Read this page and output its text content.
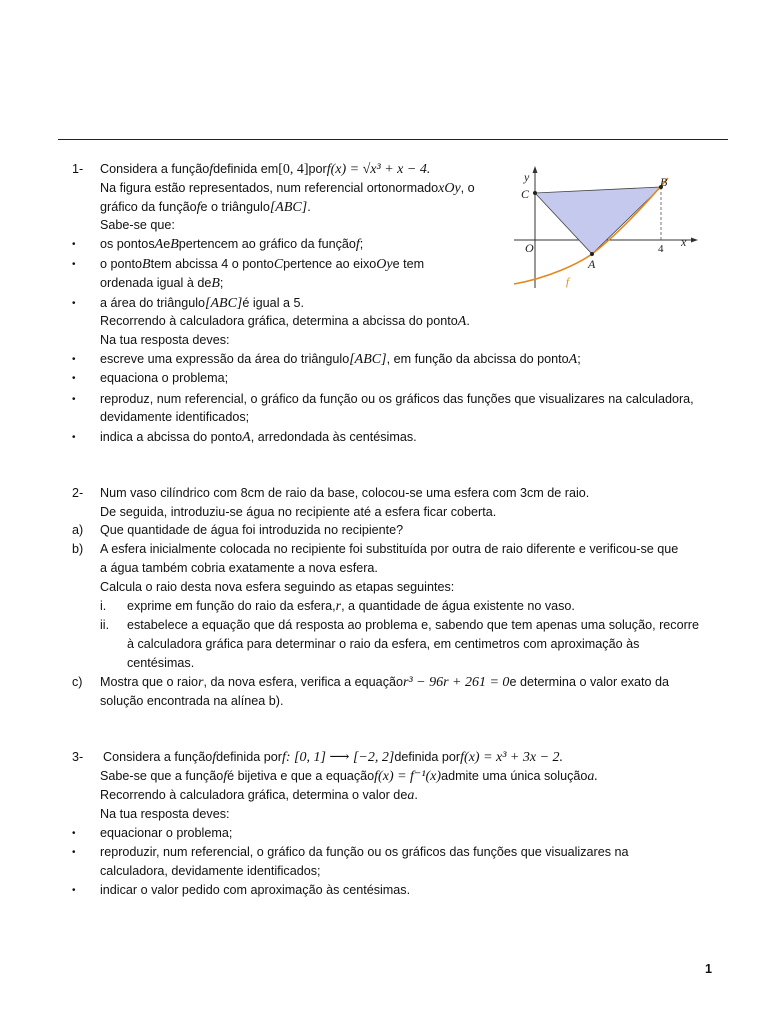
1- Considera a função f definida em [0, 4] por f(x) = √x³ + x − 4.
Na figura estão representados, num referencial ortonormado xOy , o
gráfico da função f e o triângulo [ABC] .
Sabe-se que:
• os pontos A e B pertencem ao gráfico da função f ;
• o ponto B tem abcissa 4 o ponto C pertence ao eixo Oy e tem
ordenada igual à de B ;
• a área do triângulo [ABC] é igual a 5.
Recorrendo à calculadora gráfica, determina a abcissa do ponto A .
Na tua resposta deves:
• escreve uma expressão da área do triângulo [ABC] , em função da abcissa do ponto A ;
• equaciona o problema;
• reproduz, num referencial, o gráfico da função ou os gráficos das funções que visualizares na calculadora,
devidamente identificados;
• indica a abcissa do ponto A , arredondada às centésimas.
2- Num vaso cilíndrico com 8cm de raio da base, colocou-se uma esfera com 3cm de raio.
De seguida, introduziu-se água no recipiente até a esfera ficar coberta.
a) Que quantidade de água foi introduzida no recipiente?
b) A esfera inicialmente colocada no recipiente foi substituída por outra de raio diferente e verificou-se que
a água também cobria exatamente a nova esfera.
Calcula o raio desta nova esfera seguindo as etapas seguintes:
i. exprime em função do raio da esfera, r , a quantidade de água existente no vaso.
ii. estabelece a equação que dá resposta ao problema e, sabendo que tem apenas uma solução, recorre
à calculadora gráfica para determinar o raio da esfera, em centimetros com aproximação às
centésimas.
c) Mostra que o raio r , da nova esfera, verifica a equação r³ − 96r + 261 = 0 e determina o valor exato da
solução encontrada na alínea b).
3- Considera a função f definida por f: [0, 1] ⟶ [−2, 2] definida por f(x) = x³ + 3x − 2.
Sabe-se que a função f é bijetiva e que a equação f(x) = f⁻¹(x) admite uma única solução a.
Recorrendo à calculadora gráfica, determina o valor de a .
Na tua resposta deves:
• equacionar o problema;
• reproduzir, num referencial, o gráfico da função ou os gráficos das funções que visualizares na
calculadora, devidamente identificados;
• indicar o valor pedido com aproximação às centésimas.
y
C
B
O	4 x
A
f
1
